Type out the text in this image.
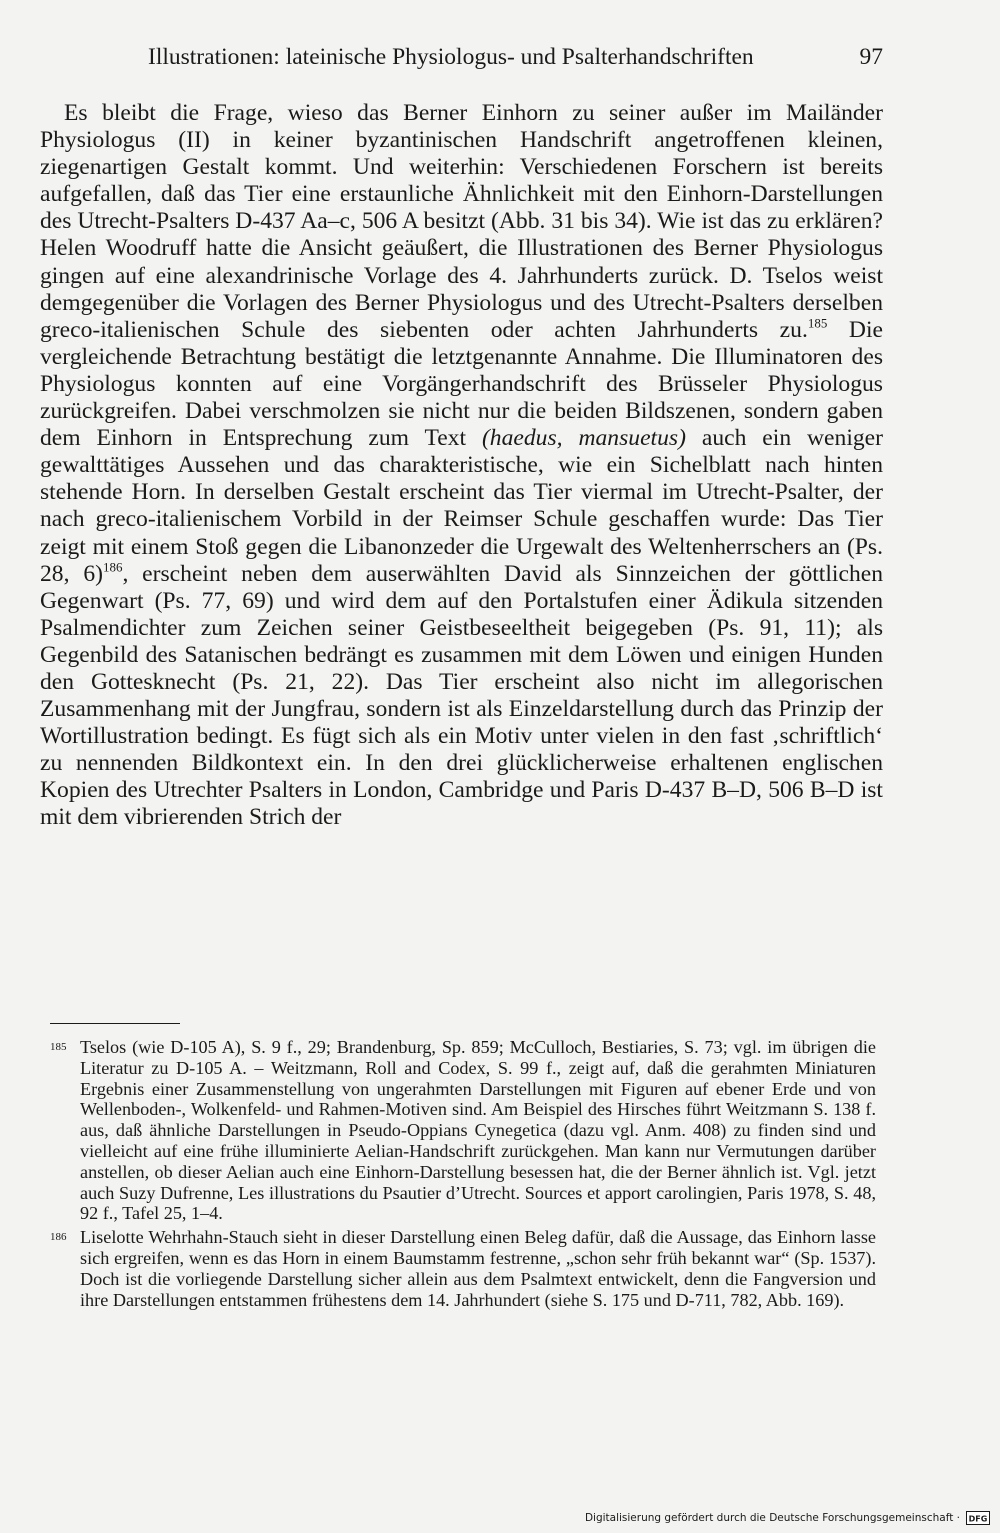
Illustrationen: lateinische Physiologus- und Psalterhandschriften	97

Es bleibt die Frage, wieso das Berner Einhorn zu seiner außer im Mailänder Physiologus (II) in keiner byzantinischen Handschrift angetroffenen kleinen, ziegenartigen Gestalt kommt. Und weiterhin: Verschiedenen Forschern ist bereits aufgefallen, daß das Tier eine erstaunliche Ähnlichkeit mit den Einhorn-Darstellungen des Utrecht-Psalters D-437 Aa–c, 506 A besitzt (Abb. 31 bis 34). Wie ist das zu erklären? Helen Woodruff hatte die Ansicht geäußert, die Illustrationen des Berner Physiologus gingen auf eine alexandrinische Vorlage des 4. Jahrhunderts zurück. D. Tselos weist demgegenüber die Vorlagen des Berner Physiologus und des Utrecht-Psalters derselben greco-italienischen Schule des siebenten oder achten Jahrhunderts zu.$^{185}$ Die vergleichende Betrachtung bestätigt die letztgenannte Annahme. Die Illuminatoren des Physiologus konnten auf eine Vorgängerhandschrift des Brüsseler Physiologus zurückgreifen. Dabei verschmolzen sie nicht nur die beiden Bildszenen, sondern gaben dem Einhorn in Entsprechung zum Text (haedus, mansuetus) auch ein weniger gewalttätiges Aussehen und das charakteristische, wie ein Sichelblatt nach hinten stehende Horn. In derselben Gestalt erscheint das Tier viermal im Utrecht-Psalter, der nach greco-italienischem Vorbild in der Reimser Schule geschaffen wurde: Das Tier zeigt mit einem Stoß gegen die Libanonzeder die Urgewalt des Weltenherrschers an (Ps. 28, 6)$^{186}$, erscheint neben dem auserwählten David als Sinnzeichen der göttlichen Gegenwart (Ps. 77, 69) und wird dem auf den Portalstufen einer Ädikula sitzenden Psalmendichter zum Zeichen seiner Geistbeseeltheit beigegeben (Ps. 91, 11); als Gegenbild des Satanischen bedrängt es zusammen mit dem Löwen und einigen Hunden den Gottesknecht (Ps. 21, 22). Das Tier erscheint also nicht im allegorischen Zusammenhang mit der Jungfrau, sondern ist als Einzeldarstellung durch das Prinzip der Wortillustration bedingt. Es fügt sich als ein Motiv unter vielen in den fast ‚schriftlich‘ zu nennenden Bildkontext ein. In den drei glücklicherweise erhaltenen englischen Kopien des Utrechter Psalters in London, Cambridge und Paris D-437 B–D, 506 B–D ist mit dem vibrierenden Strich der

185 Tselos (wie D-105 A), S. 9 f., 29; Brandenburg, Sp. 859; McCulloch, Bestiaries, S. 73; vgl. im übrigen die Literatur zu D-105 A. – Weitzmann, Roll and Codex, S. 99 f., zeigt auf, daß die gerahmten Miniaturen Ergebnis einer Zusammenstellung von ungerahmten Darstellungen mit Figuren auf ebener Erde und von Wellenboden-, Wolkenfeld- und Rahmen-Motiven sind. Am Beispiel des Hirsches führt Weitzmann S. 138 f. aus, daß ähnliche Darstellungen in Pseudo-Oppians Cynegetica (dazu vgl. Anm. 408) zu finden sind und vielleicht auf eine frühe illuminierte Aelian-Handschrift zurückgehen. Man kann nur Vermutungen darüber anstellen, ob dieser Aelian auch eine Einhorn-Darstellung besessen hat, die der Berner ähnlich ist. Vgl. jetzt auch Suzy Dufrenne, Les illustrations du Psautier d’Utrecht. Sources et apport carolingien, Paris 1978, S. 48, 92 f., Tafel 25, 1–4.
186 Liselotte Wehrhahn-Stauch sieht in dieser Darstellung einen Beleg dafür, daß die Aussage, das Einhorn lasse sich ergreifen, wenn es das Horn in einem Baumstamm festrenne, „schon sehr früh bekannt war“ (Sp. 1537). Doch ist die vorliegende Darstellung sicher allein aus dem Psalmtext entwickelt, denn die Fangversion und ihre Darstellungen entstammen frühestens dem 14. Jahrhundert (siehe S. 175 und D-711, 782, Abb. 169).
Digitalisierung gefördert durch die Deutsche Forschungsgemeinschaft · DFG
